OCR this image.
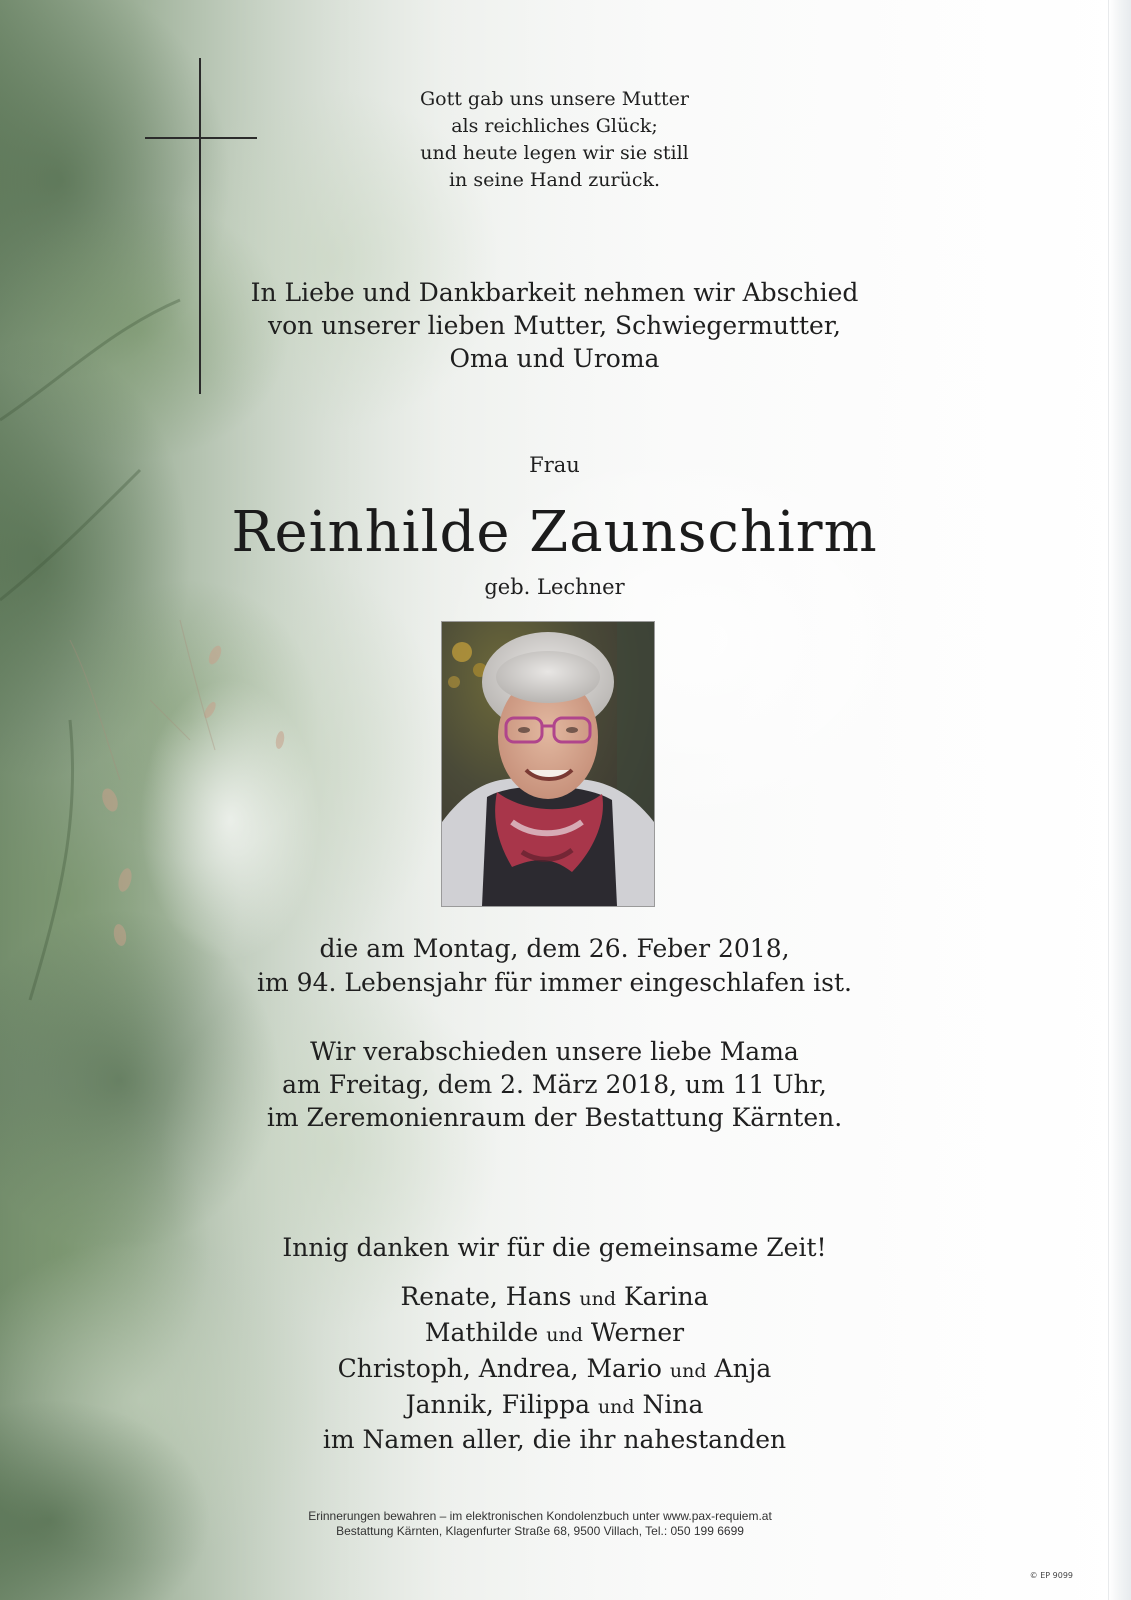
Gott gab uns unsere Mutter
als reichliches Glück;
und heute legen wir sie still
in seine Hand zurück.
In Liebe und Dankbarkeit nehmen wir Abschied
von unserer lieben Mutter, Schwiegermutter,
Oma und Uroma
Frau
Reinhilde Zaunschirm
geb. Lechner
die am Montag, dem 26. Feber 2018,
im 94. Lebensjahr für immer eingeschlafen ist.
Wir verabschieden unsere liebe Mama
am Freitag, dem 2. März 2018, um 11 Uhr,
im Zeremonienraum der Bestattung Kärnten.
Innig danken wir für die gemeinsame Zeit!
Renate, Hans und Karina
Mathilde und Werner
Christoph, Andrea, Mario und Anja
Jannik, Filippa und Nina
im Namen aller, die ihr nahestanden
Erinnerungen bewahren – im elektronischen Kondolenzbuch unter www.pax-requiem.at
Bestattung Kärnten, Klagenfurter Straße 68, 9500 Villach, Tel.: 050 199 6699
© EP 9099
